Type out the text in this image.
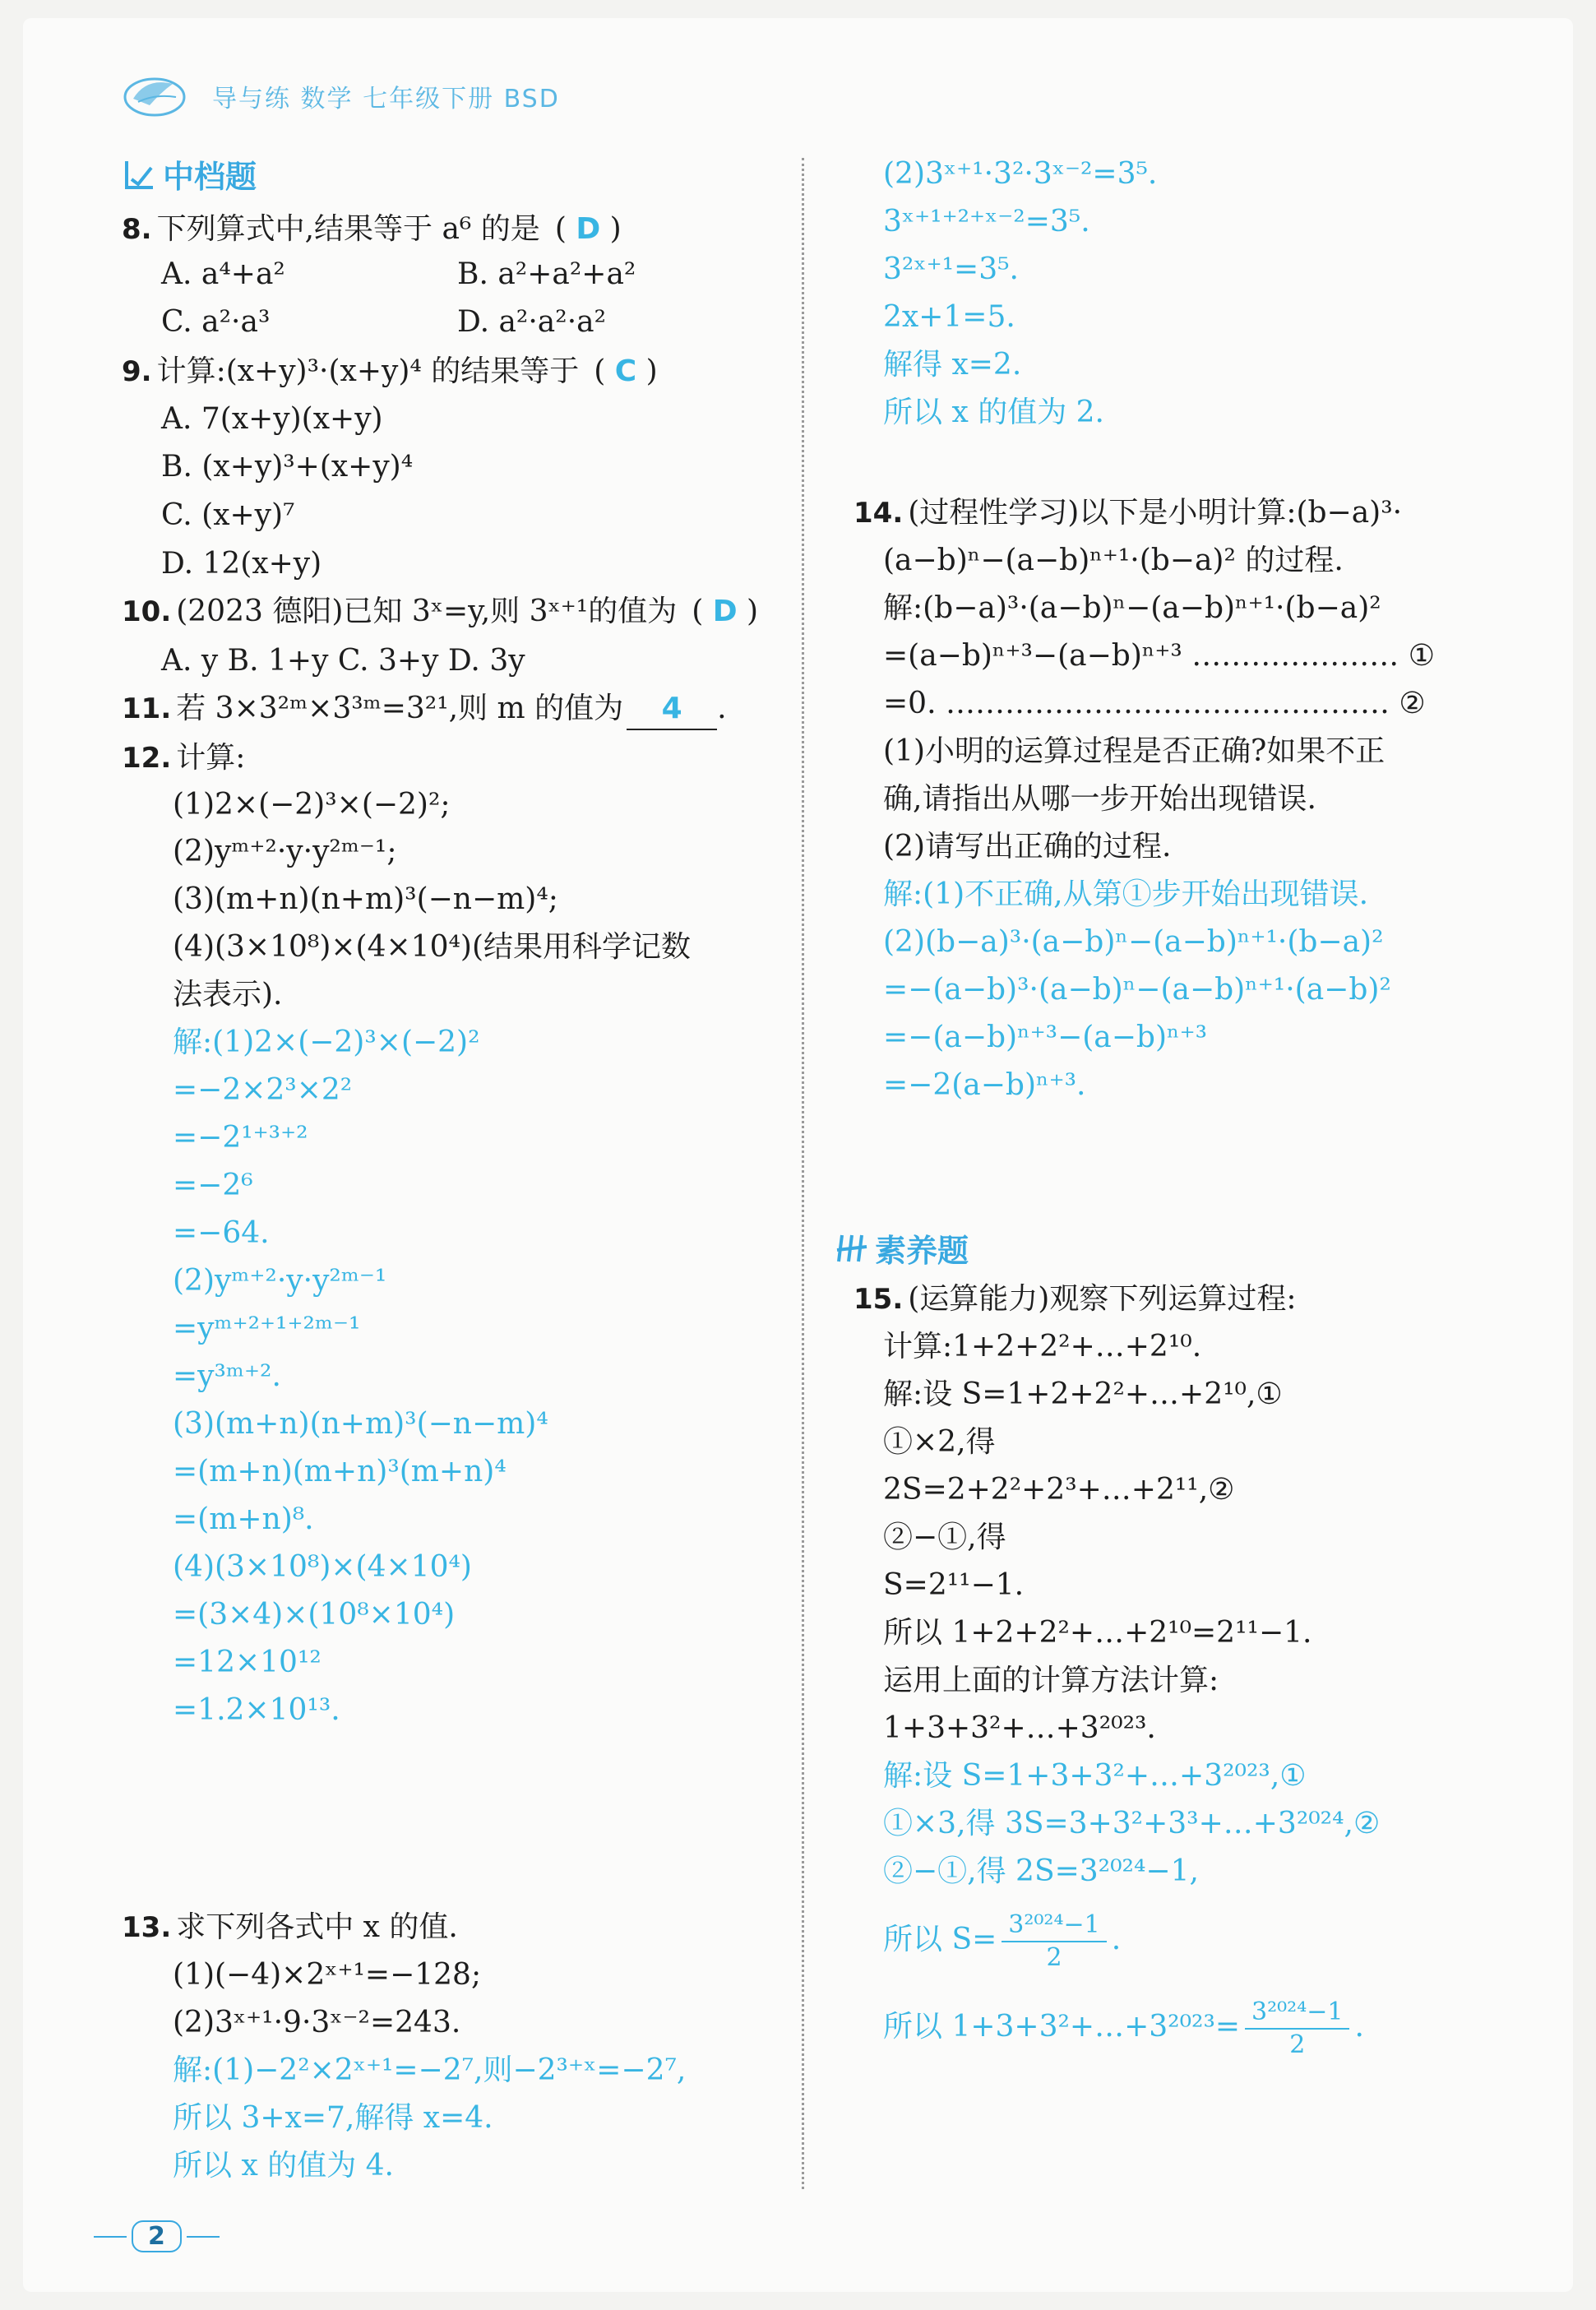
导与练 数学 七年级下册 BSD
中档题
素养题
8. 下列算式中,结果等于 a⁶ 的是 ( D )
A. a⁴+a²	B. a²+a²+a²
C. a²·a³	D. a²·a²·a²
9. 计算:(x+y)³·(x+y)⁴ 的结果等于 ( C )
A. 7(x+y)(x+y)
B. (x+y)³+(x+y)⁴
C. (x+y)⁷
D. 12(x+y)
10. (2023 德阳)已知 3ˣ=y,则 3ˣ⁺¹的值为 ( D )
A. y B. 1+y C. 3+y D. 3y
11. 若 3×3²ᵐ×3³ᵐ=3²¹,则 m 的值为 4 .
12. 计算:
(1)2×(−2)³×(−2)²;
(2)yᵐ⁺²·y·y²ᵐ⁻¹;
(3)(m+n)(n+m)³(−n−m)⁴;
(4)(3×10⁸)×(4×10⁴)(结果用科学记数
法表示).
解:(1)2×(−2)³×(−2)²
=−2×2³×2²
=−2¹⁺³⁺²
=−2⁶
=−64.
(2)yᵐ⁺²·y·y²ᵐ⁻¹
=yᵐ⁺²⁺¹⁺²ᵐ⁻¹
=y³ᵐ⁺².
(3)(m+n)(n+m)³(−n−m)⁴
=(m+n)(m+n)³(m+n)⁴
=(m+n)⁸.
(4)(3×10⁸)×(4×10⁴)
=(3×4)×(10⁸×10⁴)
=12×10¹²
=1.2×10¹³.
13. 求下列各式中 x 的值.
(1)(−4)×2ˣ⁺¹=−128;
(2)3ˣ⁺¹·9·3ˣ⁻²=243.
解:(1)−2²×2ˣ⁺¹=−2⁷,则−2³⁺ˣ=−2⁷,
所以 3+x=7,解得 x=4.
所以 x 的值为 4.
(2)3ˣ⁺¹·3²·3ˣ⁻²=3⁵.
3ˣ⁺¹⁺²⁺ˣ⁻²=3⁵.
3²ˣ⁺¹=3⁵.
2x+1=5.
解得 x=2.
所以 x 的值为 2.
14. (过程性学习)以下是小明计算:(b−a)³·
(a−b)ⁿ−(a−b)ⁿ⁺¹·(b−a)² 的过程.
解:(b−a)³·(a−b)ⁿ−(a−b)ⁿ⁺¹·(b−a)²
=(a−b)ⁿ⁺³−(a−b)ⁿ⁺³ ………………… ①
=0. ……………………………………… ②
(1)小明的运算过程是否正确?如果不正
确,请指出从哪一步开始出现错误.
(2)请写出正确的过程.
解:(1)不正确,从第①步开始出现错误.
(2)(b−a)³·(a−b)ⁿ−(a−b)ⁿ⁺¹·(b−a)²
=−(a−b)³·(a−b)ⁿ−(a−b)ⁿ⁺¹·(a−b)²
=−(a−b)ⁿ⁺³−(a−b)ⁿ⁺³
=−2(a−b)ⁿ⁺³.
15. (运算能力)观察下列运算过程:
计算:1+2+2²+…+2¹⁰.
解:设 S=1+2+2²+…+2¹⁰,①
①×2,得
2S=2+2²+2³+…+2¹¹,②
②−①,得
S=2¹¹−1.
所以 1+2+2²+…+2¹⁰=2¹¹−1.
运用上面的计算方法计算:
1+3+3²+…+3²⁰²³.
解:设 S=1+3+3²+…+3²⁰²³,①
①×3,得 3S=3+3²+3³+…+3²⁰²⁴,②
②−①,得 2S=3²⁰²⁴−1,
所以 $S= \frac{\text{3²⁰²⁴−1}}{2}$ .
所以 1+3+3²+…+3²⁰²³= $\frac{\text{3²⁰²⁴−1}}{2}$ .
2
